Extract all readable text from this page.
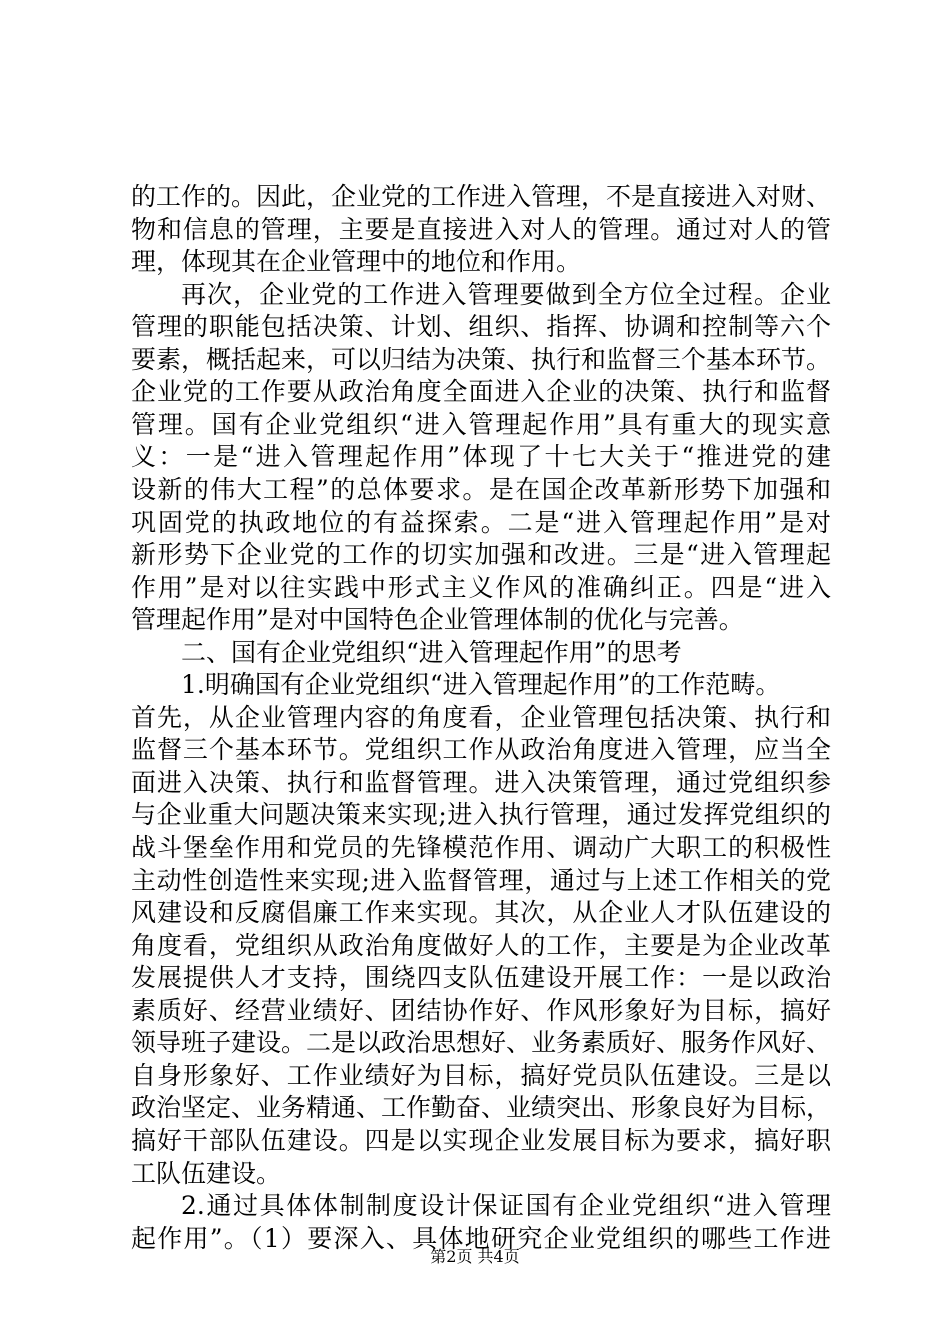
的工作的。因此，企业党的工作进入管理，不是直接进入对财、
物和信息的管理，主要是直接进入对人的管理。通过对人的管
理，体现其在企业管理中的地位和作用。
再次，企业党的工作进入管理要做到全方位全过程。企业
管理的职能包括决策、计划、组织、指挥、协调和控制等六个
要素，概括起来，可以归结为决策、执行和监督三个基本环节。
企业党的工作要从政治角度全面进入企业的决策、执行和监督
管理。国有企业党组织“进入管理起作用”具有重大的现实意
义：一是“进入管理起作用”体现了十七大关于“推进党的建
设新的伟大工程”的总体要求。是在国企改革新形势下加强和
巩固党的执政地位的有益探索。二是“进入管理起作用”是对
新形势下企业党的工作的切实加强和改进。三是“进入管理起
作用”是对以往实践中形式主义作风的准确纠正。四是“进入
管理起作用”是对中国特色企业管理体制的优化与完善。
二、国有企业党组织“进入管理起作用”的思考
1.明确国有企业党组织“进入管理起作用”的工作范畴。
首先，从企业管理内容的角度看，企业管理包括决策、执行和
监督三个基本环节。党组织工作从政治角度进入管理，应当全
面进入决策、执行和监督管理。进入决策管理，通过党组织参
与企业重大问题决策来实现;进入执行管理，通过发挥党组织的
战斗堡垒作用和党员的先锋模范作用、调动广大职工的积极性
主动性创造性来实现;进入监督管理，通过与上述工作相关的党
风建设和反腐倡廉工作来实现。其次，从企业人才队伍建设的
角度看，党组织从政治角度做好人的工作，主要是为企业改革
发展提供人才支持，围绕四支队伍建设开展工作：一是以政治
素质好、经营业绩好、团结协作好、作风形象好为目标，搞好
领导班子建设。二是以政治思想好、业务素质好、服务作风好、
自身形象好、工作业绩好为目标，搞好党员队伍建设。三是以
政治坚定、业务精通、工作勤奋、业绩突出、形象良好为目标，
搞好干部队伍建设。四是以实现企业发展目标为要求，搞好职
工队伍建设。
2.通过具体体制制度设计保证国有企业党组织“进入管理
起作用”。（1）要深入、具体地研究企业党组织的哪些工作进
第2页 共4页
